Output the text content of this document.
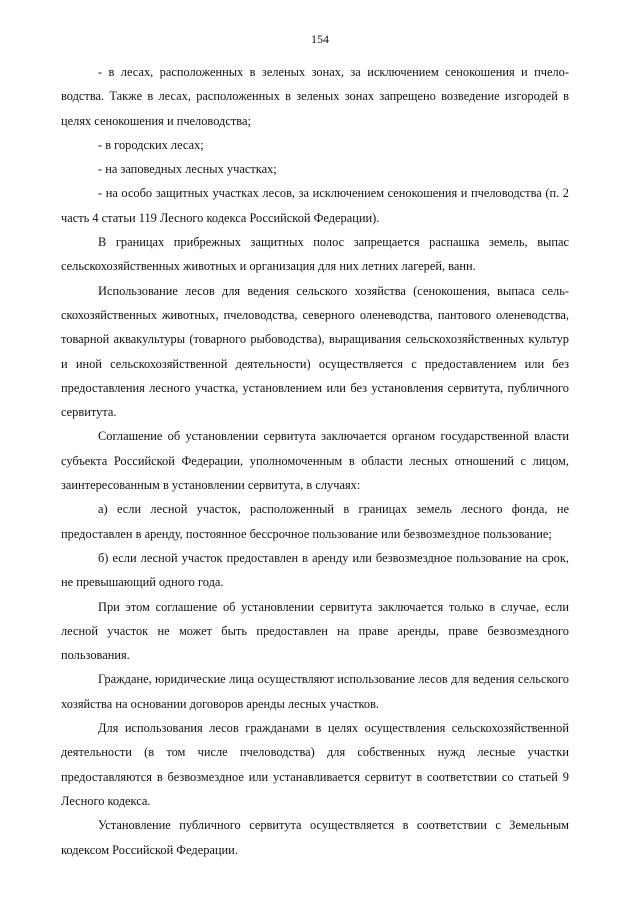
154

- в лесах, расположенных в зеленых зонах, за исключением сенокошения и пчеловодства. Также в лесах, расположенных в зеленых зонах запрещено возведение изгородей в целях сенокошения и пчеловодства;

- в городских лесах;

- на заповедных лесных участках;

- на особо защитных участках лесов, за исключением сенокошения и пчеловодства (п. 2 часть 4 статьи 119 Лесного кодекса Российской Федерации).

В границах прибрежных защитных полос запрещается распашка земель, выпас сельскохозяйственных животных и организация для них летних лагерей, ванн.

Использование лесов для ведения сельского хозяйства (сенокошения, выпаса сельскохозяйственных животных, пчеловодства, северного оленеводства, пантового оленеводства, товарной аквакультуры (товарного рыбоводства), выращивания сельскохозяйственных культур и иной сельскохозяйственной деятельности) осуществляется с предоставлением или без предоставления лесного участка, установлением или без установления сервитута, публичного сервитута.

Соглашение об установлении сервитута заключается органом государственной власти субъекта Российской Федерации, уполномоченным в области лесных отношений с лицом, заинтересованным в установлении сервитута, в случаях:

а) если лесной участок, расположенный в границах земель лесного фонда, не предоставлен в аренду, постоянное бессрочное пользование или безвозмездное пользование;

б) если лесной участок предоставлен в аренду или безвозмездное пользование на срок, не превышающий одного года.

При этом соглашение об установлении сервитута заключается только в случае, если лесной участок не может быть предоставлен на праве аренды, праве безвозмездного пользования.

Граждане, юридические лица осуществляют использование лесов для ведения сельского хозяйства на основании договоров аренды лесных участков.

Для использования лесов гражданами в целях осуществления сельскохозяйственной деятельности (в том числе пчеловодства) для собственных нужд лесные участки предоставляются в безвозмездное или устанавливается сервитут в соответствии со статьей 9 Лесного кодекса.

Установление публичного сервитута осуществляется в соответствии с Земельным кодексом Российской Федерации.
